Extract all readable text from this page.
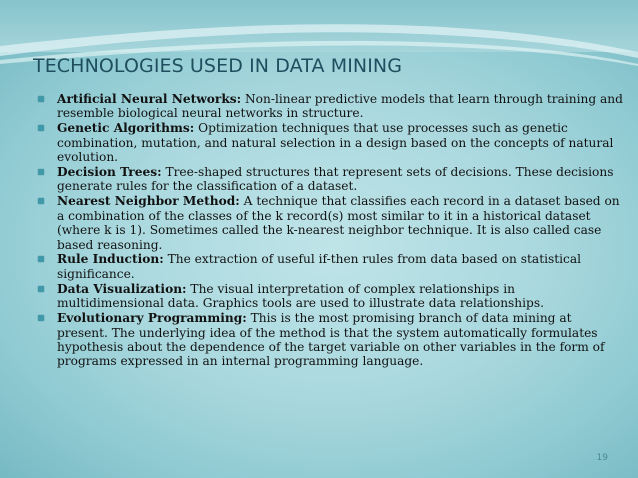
TECHNOLOGIES USED IN DATA MINING
Artificial Neural Networks: Non-linear predictive models that learn through training and resemble biological neural networks in structure.
Genetic Algorithms: Optimization techniques that use processes such as genetic combination, mutation, and natural selection in a design based on the concepts of natural evolution.
Decision Trees: Tree-shaped structures that represent sets of decisions. These decisions generate rules for the classification of a dataset.
Nearest Neighbor Method: A technique that classifies each record in a dataset based on a combination of the classes of the k record(s) most similar to it in a historical dataset (where k is 1). Sometimes called the k-nearest neighbor technique. It is also called case based reasoning.
Rule Induction: The extraction of useful if-then rules from data based on statistical significance.
Data Visualization: The visual interpretation of complex relationships in multidimensional data. Graphics tools are used to illustrate data relationships.
Evolutionary Programming: This is the most promising branch of data mining at present. The underlying idea of the method is that the system automatically formulates hypothesis about the dependence of the target variable on other variables in the form of programs expressed in an internal programming language.
19
